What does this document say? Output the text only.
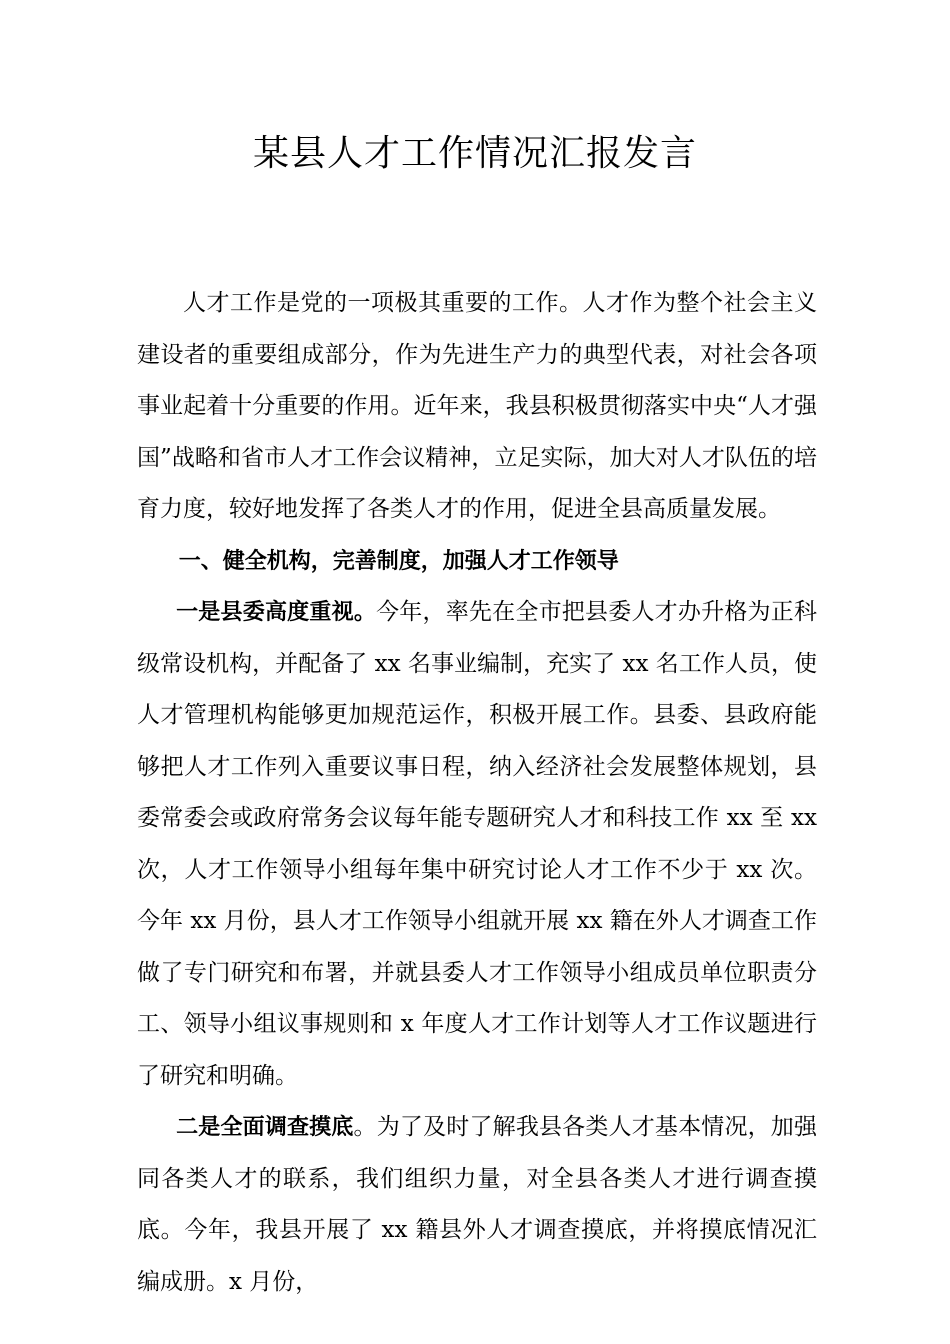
某县人才工作情况汇报发言

人才工作是党的一项极其重要的工作。人才作为整个社会主义建设者的重要组成部分，作为先进生产力的典型代表，对社会各项事业起着十分重要的作用。近年来，我县积极贯彻落实中央“人才强国”战略和省市人才工作会议精神，立足实际，加大对人才队伍的培育力度，较好地发挥了各类人才的作用，促进全县高质量发展。

一、健全机构，完善制度，加强人才工作领导

一是县委高度重视。今年，率先在全市把县委人才办升格为正科级常设机构，并配备了 xx 名事业编制，充实了 xx 名工作人员，使人才管理机构能够更加规范运作，积极开展工作。县委、县政府能够把人才工作列入重要议事日程，纳入经济社会发展整体规划，县委常委会或政府常务会议每年能专题研究人才和科技工作 xx 至 xx 次，人才工作领导小组每年集中研究讨论人才工作不少于 xx 次。今年 xx 月份，县人才工作领导小组就开展 xx 籍在外人才调查工作做了专门研究和布署，并就县委人才工作领导小组成员单位职责分工、领导小组议事规则和 x 年度人才工作计划等人才工作议题进行了研究和明确。

二是全面调查摸底。为了及时了解我县各类人才基本情况，加强同各类人才的联系，我们组织力量，对全县各类人才进行调查摸底。今年，我县开展了 xx 籍县外人才调查摸底，并将摸底情况汇编成册。x 月份，
